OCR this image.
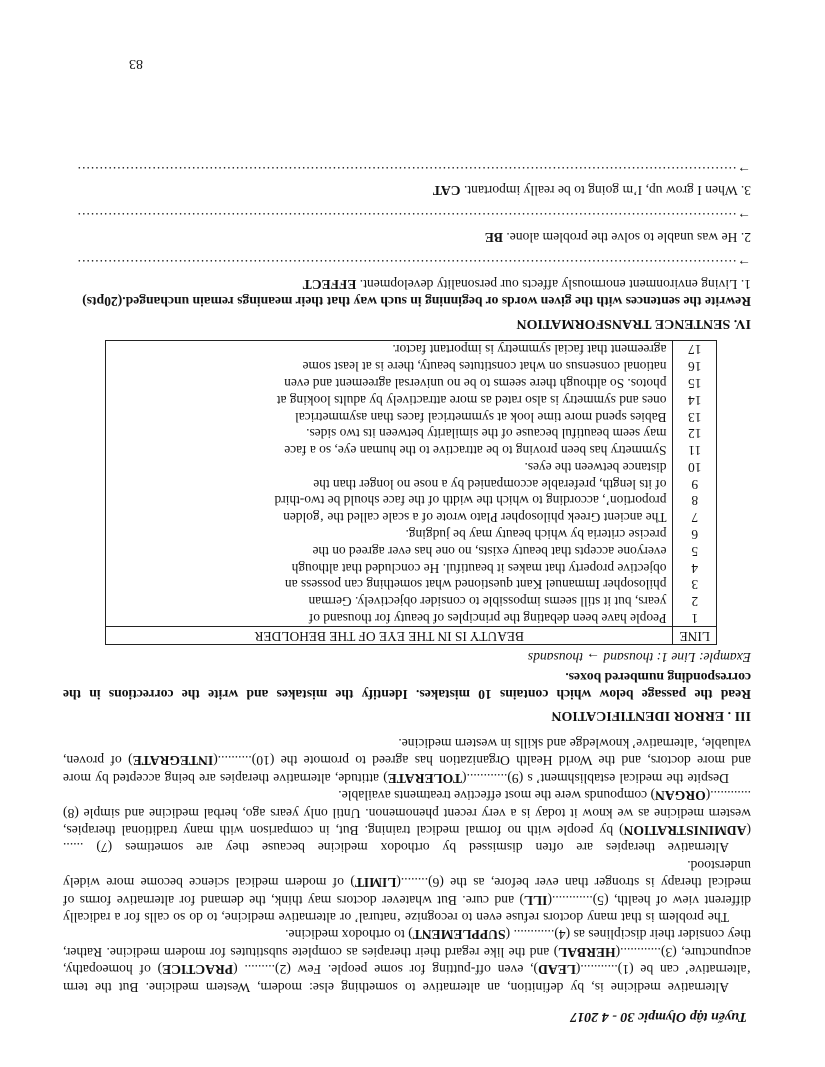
Tuyển tập Olympic 30 - 4 2017

Alternative medicine is, by definition, an alternative to something else: modern, Western medicine. But the term ‘alternative’ can be (1)...........(LEAD), even off-putting for some people. Few (2)......... (PRACTICE) of homeopathy, acupuncture, (3)............(HERBAL) and the like regard their therapies as complete substitutes for modern medicine. Rather, they consider their disciplines as (4)............ (SUPPLEMENT) to orthodox medicine.

The problem is that many doctors refuse even to recognize ‘natural’ or alternative medicine, to do so calls for a radically different view of health, (5)............(ILL) and cure. But whatever doctors may think, the demand for alternative forms of medical therapy is stronger than ever before, as the (6)........(LIMIT) of modern medical science become more widely understood.

Alternative therapies are often dismissed by orthodox medicine because they are sometimes (7) ...... (ADMINISTRATION) by people with no formal medical training. But, in comparison with many traditional therapies, western medicine as we know it today is a very recent phenomenon. Until only years ago, herbal medicine and simple (8) ............(ORGAN) compounds were the most effective treatments available.

Despite the medical establishment’ s (9)............(TOLERATE) attitude, alternative therapies are being accepted by more and more doctors, and the World Health Organization has agreed to promote the (10)..........(INTEGRATE) of proven, valuable, ‘alternative’ knowledge and skills in western medicine.

III . ERROR IDENTIFICATION

Read the passage below which contains 10 mistakes. Identify the mistakes and write the corrections in the corresponding numbered boxes.

Example: Line 1: thousand → thousands

LINE	BEAUTY IS IN THE EYE OF THE BEHOLDER
1	People have been debating the principles of beauty for thousand of
2	years, but it still seems impossible to consider objectively. German
3	philosopher Immanuel Kant questioned what something can possess an
4	objective property that makes it beautiful. He concluded that although
5	everyone accepts that beauty exists, no one has ever agreed on the
6	precise criteria by which beauty may be judging.
7	The ancient Greek philosopher Plato wrote of a scale called the ‘golden
8	proportion’, according to which the width of the face should be two-third
9	of its length, preferable accompanied by a nose no longer than the
10	distance between the eyes.
11	Symmetry has been proving to be attractive to the human eye, so a face
12	may seem beautiful because of the similarity between its two sides.
13	Babies spend more time look at symmetrical faces than asymmetrical
14	ones and symmetry is also rated as more attractively by adults looking at
15	photos. So although there seems to be no universal agreement and even
16	national consensus on what constitutes beauty, there is at least some
17	agreement that facial symmetry is important factor.
IV. SENTENCE TRANSFORMATION

Rewrite the sentences with the given words or beginning in such way that their meanings remain unchanged.(20pts)

1. Living environment enormously affects our personality development. EFFECT
→......................................................................................................................................................
2. He was unable to solve the problem alone. BE
→......................................................................................................................................................
3. When I grow up, I’m going to be really important. CAT
→......................................................................................................................................................
83
